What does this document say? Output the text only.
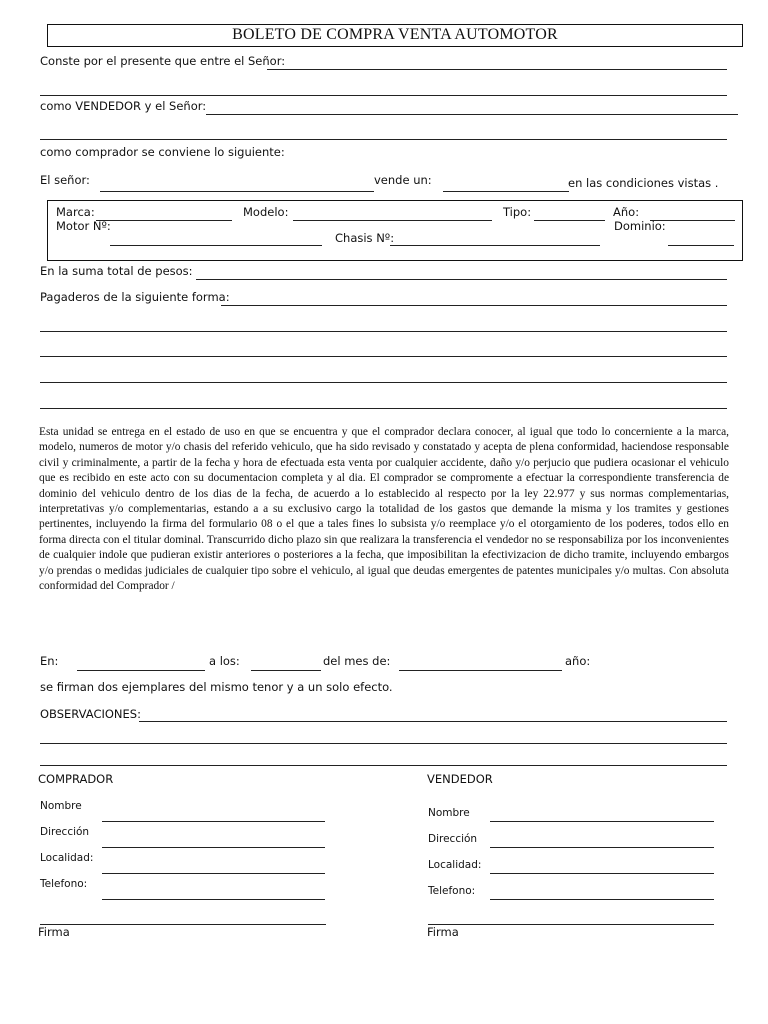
BOLETO DE COMPRA VENTA AUTOMOTOR
Conste por el presente que entre el Señor:
como VENDEDOR y el Señor:
como comprador se conviene lo siguiente:
El señor:	vende un:	en las condiciones vistas .
Marca:	Modelo:	Tipo:	Año:
Motor Nº:	Dominio:
Chasis Nº:
En la suma total de pesos:
Pagaderos de la siguiente forma:
Esta unidad se entrega en el estado de uso en que se encuentra y que el comprador declara conocer, al igual que todo lo concerniente a la marca, modelo, numeros de motor y/o chasis del referido vehiculo, que ha sido revisado y constatado y acepta de plena conformidad, haciendose responsable civil y criminalmente, a partir de la fecha y hora de efectuada esta venta por cualquier accidente, daño y/o perjucio que pudiera ocasionar el vehiculo que es recibido en este acto con su documentacion completa y al dia. El comprador se compromente a efectuar la correspondiente transferencia de dominio del vehiculo dentro de los dias de la fecha, de acuerdo a lo establecido al respecto por la ley 22.977 y sus normas complementarias, interpretativas y/o complementarias, estando a a su exclusivo cargo la totalidad de los gastos que demande la misma y los tramites y gestiones pertinentes, incluyendo la firma del formulario 08 o el que a tales fines lo subsista y/o reemplace y/o el otorgamiento de los poderes, todos ello en forma directa con el titular dominal. Transcurrido dicho plazo sin que realizara la transferencia el vendedor no se responsabiliza por los inconvenientes de cualquier indole que pudieran existir anteriores o posteriores a la fecha, que imposibilitan la efectivizacion de dicho tramite, incluyendo embargos y/o prendas o medidas judiciales de cualquier tipo sobre el vehiculo, al igual que deudas emergentes de patentes municipales y/o multas. Con absoluta conformidad del Comprador /
En:	a los:	del mes de:	año:
se firman dos ejemplares del mismo tenor y a un solo efecto.
OBSERVACIONES:
COMPRADOR
Nombre
Dirección
Localidad:
Telefono:
Firma
VENDEDOR
Nombre
Dirección
Localidad:
Telefono:
Firma
